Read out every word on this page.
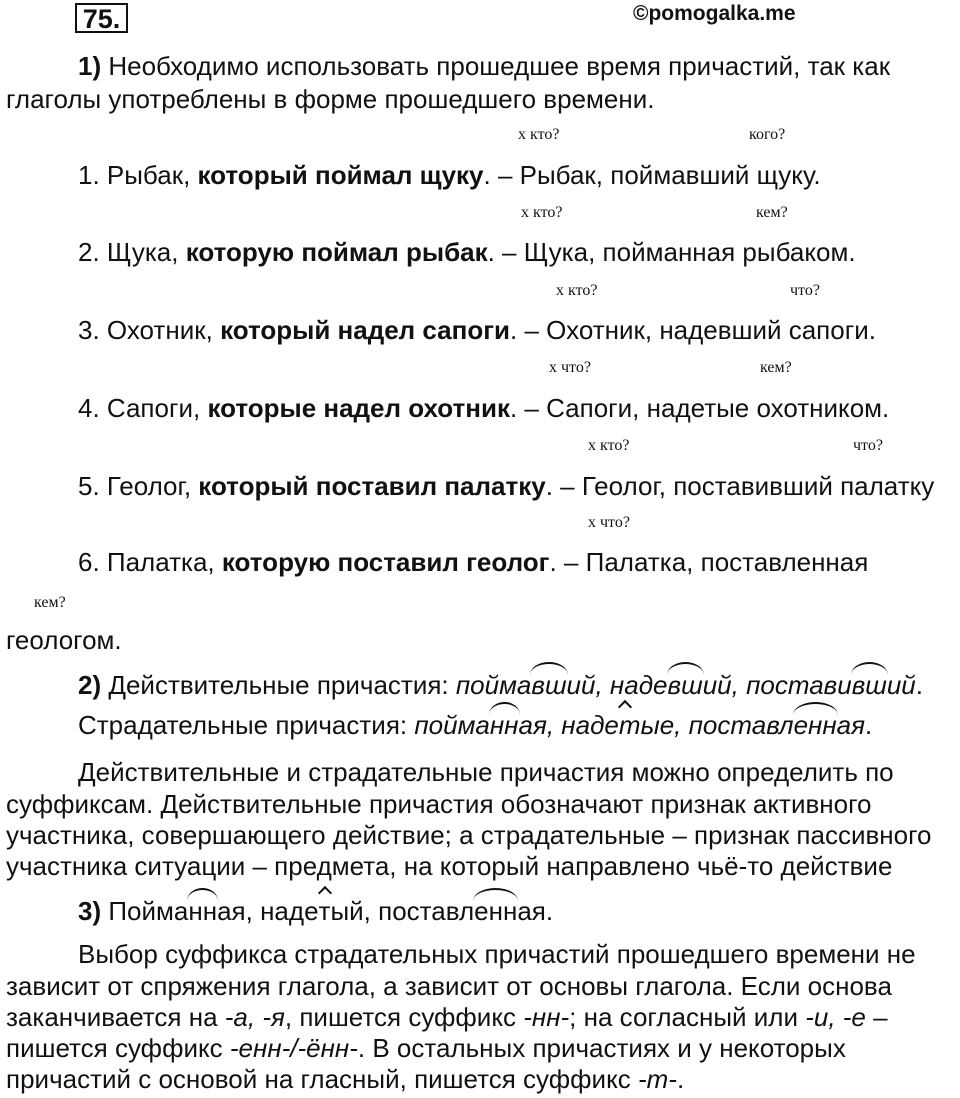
75.	©pomogalka.me
1) Необходимо использовать прошедшее время причастий, так как
глаголы употреблены в форме прошедшего времени.
х кто?	кого?
1. Рыбак, который поймал щуку. – Рыбак, поймавший щуку.
х кто?	кем?
2. Щука, которую поймал рыбак. – Щука, пойманная рыбаком.
х кто?	что?
3. Охотник, который надел сапоги. – Охотник, надевший сапоги.
х что?	кем?
4. Сапоги, которые надел охотник. – Сапоги, надетые охотником.
х кто?	что?
5. Геолог, который поставил палатку. – Геолог, поставивший палатку
х что?
6. Палатка, которую поставил геолог. – Палатка, поставленная
кем?
геологом.
2) Действительные причастия: поймавший, надевший, поставивший.
Страдательные причастия: пойманная, надетые, поставленная.
Действительные и страдательные причастия можно определить по
суффиксам. Действительные причастия обозначают признак активного
участника, совершающего действие; а страдательные – признак пассивного
участника ситуации – предмета, на который направлено чьё-то действие
3) Пойманная, надетый, поставленная.
Выбор суффикса страдательных причастий прошедшего времени не
зависит от спряжения глагола, а зависит от основы глагола. Если основа
заканчивается на -а, -я, пишется суффикс -нн-; на согласный или -и, -е –
пишется суффикс -енн-/-ённ-. В остальных причастиях и у некоторых
причастий с основой на гласный, пишется суффикс -т-.
